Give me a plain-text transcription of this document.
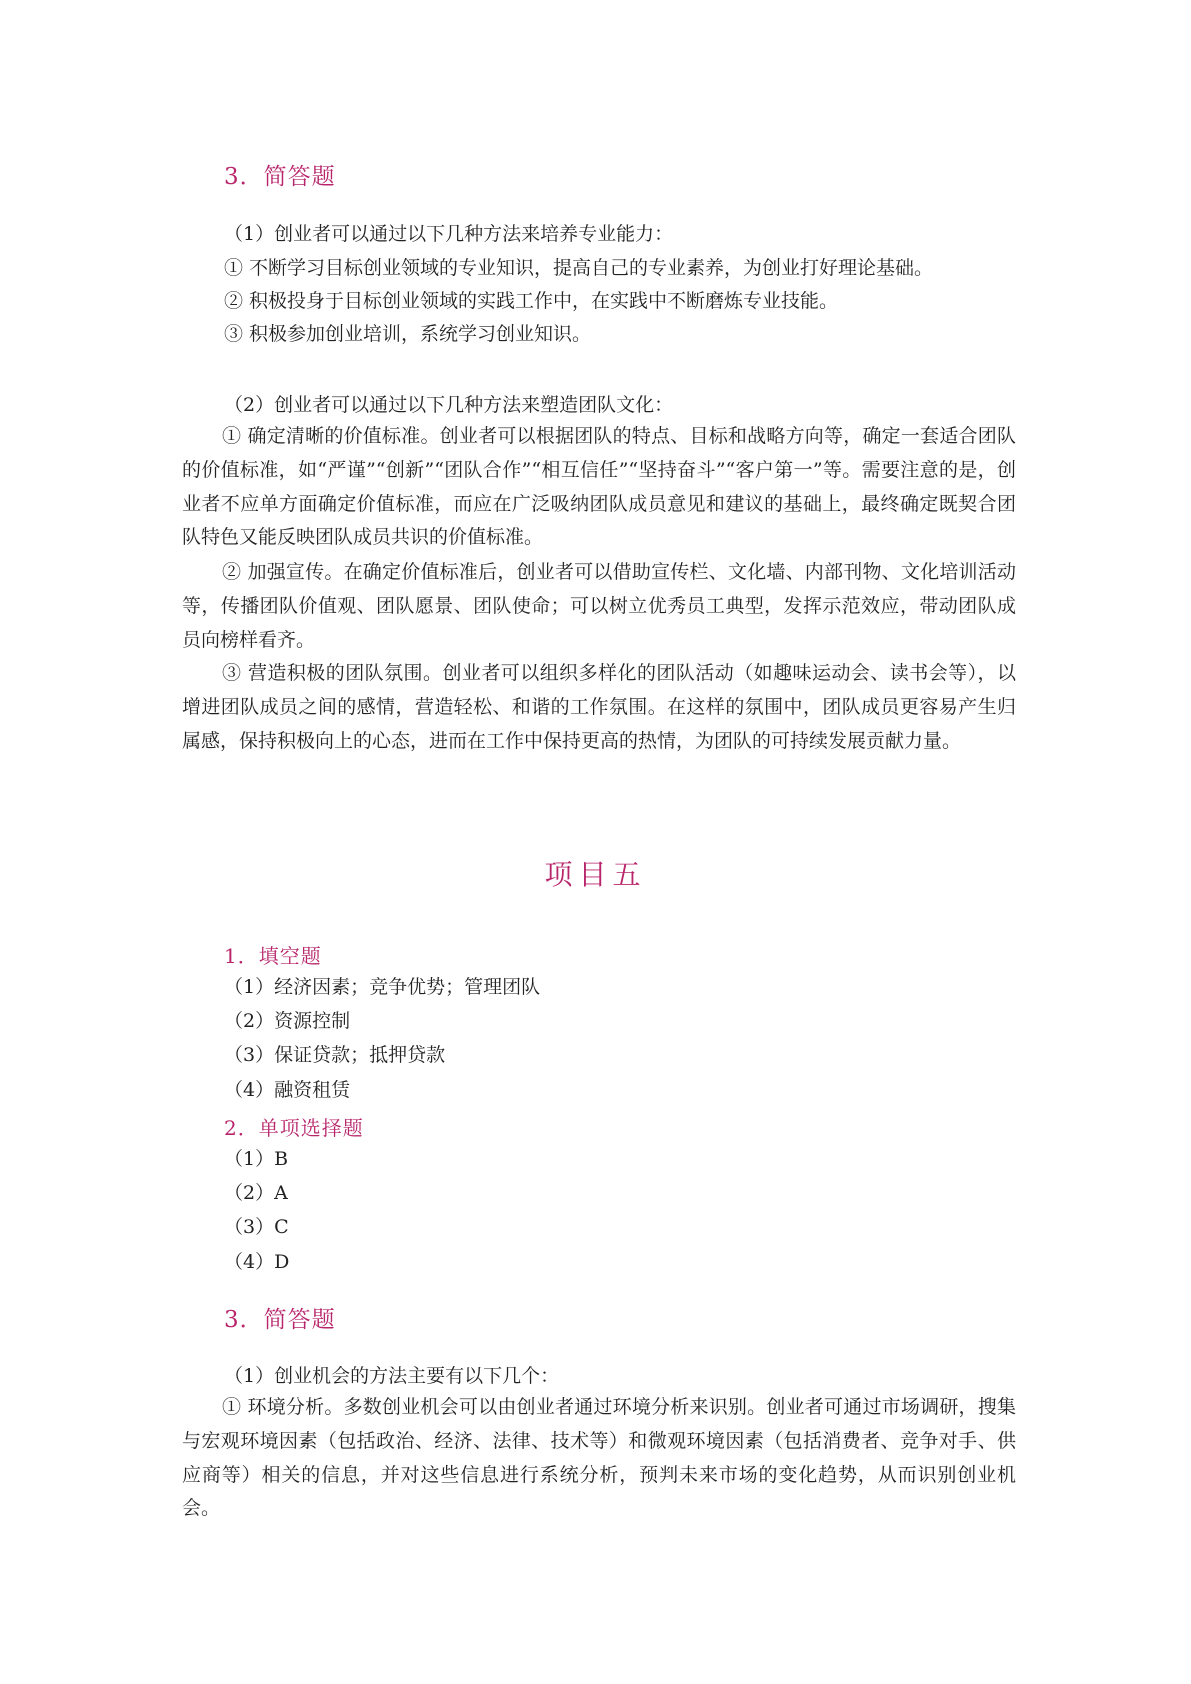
3．简答题
（1）创业者可以通过以下几种方法来培养专业能力：
① 不断学习目标创业领域的专业知识，提高自己的专业素养，为创业打好理论基础。
② 积极投身于目标创业领域的实践工作中，在实践中不断磨炼专业技能。
③ 积极参加创业培训，系统学习创业知识。
（2）创业者可以通过以下几种方法来塑造团队文化：

① 确定清晰的价值标准。创业者可以根据团队的特点、目标和战略方向等，确定一套适合团队的价值标准，如“严谨”“创新”“团队合作”“相互信任”“坚持奋斗”“客户第一”等。需要注意的是，创业者不应单方面确定价值标准，而应在广泛吸纳团队成员意见和建议的基础上，最终确定既契合团队特色又能反映团队成员共识的价值标准。

② 加强宣传。在确定价值标准后，创业者可以借助宣传栏、文化墙、内部刊物、文化培训活动等，传播团队价值观、团队愿景、团队使命；可以树立优秀员工典型，发挥示范效应，带动团队成员向榜样看齐。

③ 营造积极的团队氛围。创业者可以组织多样化的团队活动（如趣味运动会、读书会等），以增进团队成员之间的感情，营造轻松、和谐的工作氛围。在这样的氛围中，团队成员更容易产生归属感，保持积极向上的心态，进而在工作中保持更高的热情，为团队的可持续发展贡献力量。

项目五
1．填空题
（1）经济因素；竞争优势；管理团队
（2）资源控制
（3）保证贷款；抵押贷款
（4）融资租赁
2．单项选择题
（1）B
（2）A
（3）C
（4）D
3．简答题
（1）创业机会的方法主要有以下几个：

① 环境分析。多数创业机会可以由创业者通过环境分析来识别。创业者可通过市场调研，搜集与宏观环境因素（包括政治、经济、法律、技术等）和微观环境因素（包括消费者、竞争对手、供应商等）相关的信息，并对这些信息进行系统分析，预判未来市场的变化趋势，从而识别创业机会。
